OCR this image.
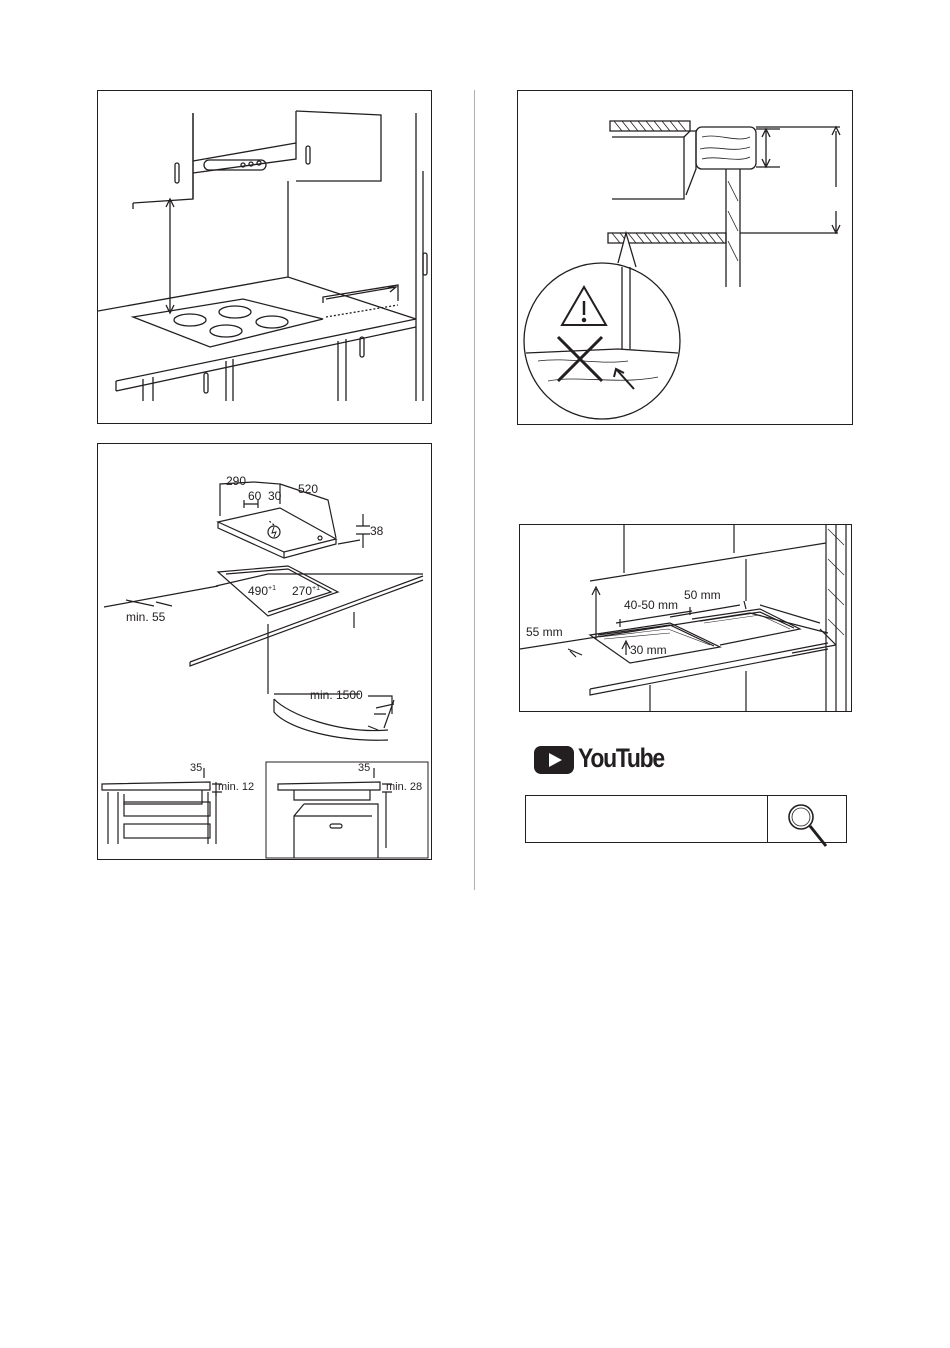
290
520
60 30
38
$490^{+1}$ $270^{+1}$
min. 55
min. 1500
35
min. 12
35
min. 28
55 mm
40-50 mm
50 mm
30 mm
YouTube
